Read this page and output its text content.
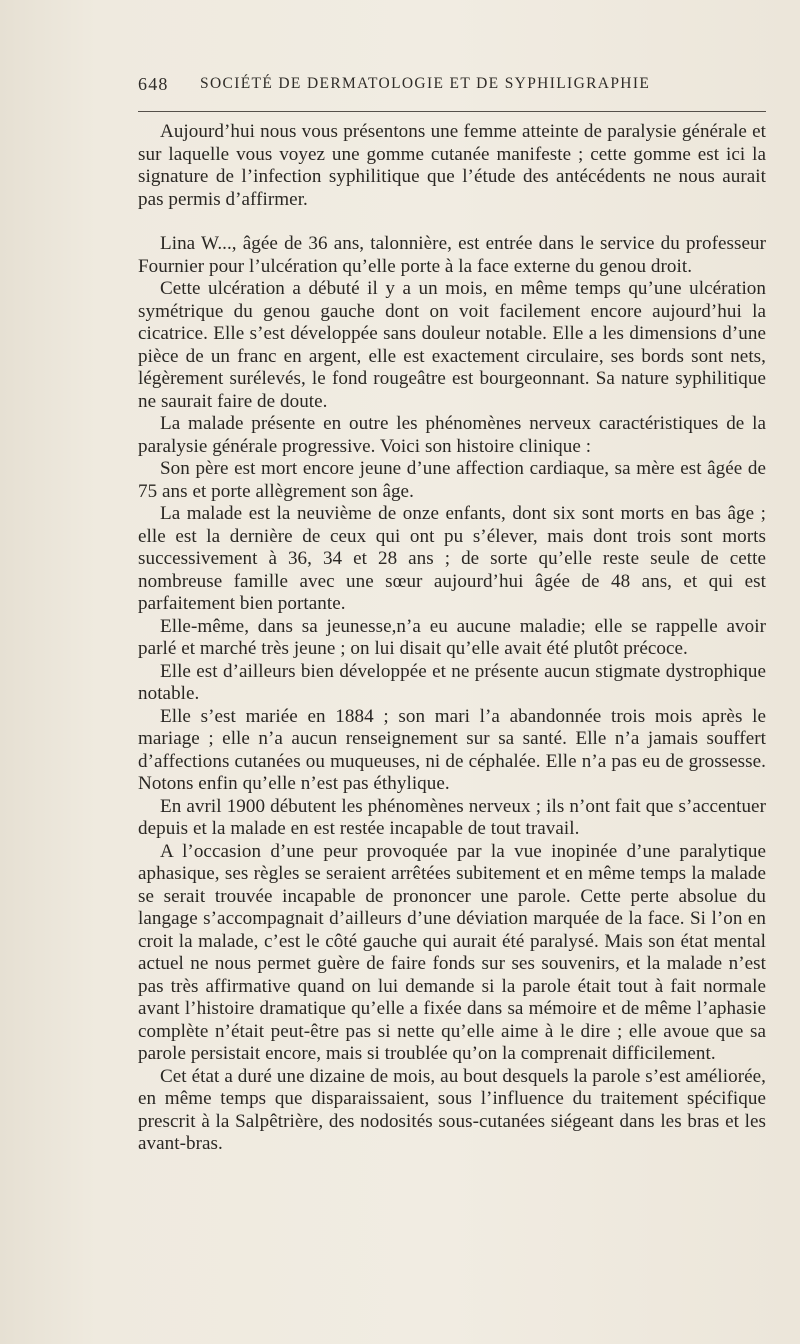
648 SOCIÉTÉ DE DERMATOLOGIE ET DE SYPHILIGRAPHIE

Aujourd’hui nous vous présentons une femme atteinte de paralysie générale et sur laquelle vous voyez une gomme cutanée manifeste ; cette gomme est ici la signature de l’infection syphilitique que l’étude des antécédents ne nous aurait pas permis d’affirmer.

Lina W..., âgée de 36 ans, talonnière, est entrée dans le service du professeur Fournier pour l’ulcération qu’elle porte à la face externe du genou droit.

Cette ulcération a débuté il y a un mois, en même temps qu’une ulcération symétrique du genou gauche dont on voit facilement encore aujourd’hui la cicatrice. Elle s’est développée sans douleur notable. Elle a les dimensions d’une pièce de un franc en argent, elle est exactement circulaire, ses bords sont nets, légèrement surélevés, le fond rougeâtre est bourgeonnant. Sa nature syphilitique ne saurait faire de doute.

La malade présente en outre les phénomènes nerveux caractéristiques de la paralysie générale progressive. Voici son histoire clinique :

Son père est mort encore jeune d’une affection cardiaque, sa mère est âgée de 75 ans et porte allègrement son âge.

La malade est la neuvième de onze enfants, dont six sont morts en bas âge ; elle est la dernière de ceux qui ont pu s’élever, mais dont trois sont morts successivement à 36, 34 et 28 ans ; de sorte qu’elle reste seule de cette nombreuse famille avec une sœur aujourd’hui âgée de 48 ans, et qui est parfaitement bien portante.

Elle-même, dans sa jeunesse,n’a eu aucune maladie; elle se rappelle avoir parlé et marché très jeune ; on lui disait qu’elle avait été plutôt précoce.

Elle est d’ailleurs bien développée et ne présente aucun stigmate dystrophique notable.

Elle s’est mariée en 1884 ; son mari l’a abandonnée trois mois après le mariage ; elle n’a aucun renseignement sur sa santé. Elle n’a jamais souffert d’affections cutanées ou muqueuses, ni de céphalée. Elle n’a pas eu de grossesse. Notons enfin qu’elle n’est pas éthylique.

En avril 1900 débutent les phénomènes nerveux ; ils n’ont fait que s’accentuer depuis et la malade en est restée incapable de tout travail.

A l’occasion d’une peur provoquée par la vue inopinée d’une paralytique aphasique, ses règles se seraient arrêtées subitement et en même temps la malade se serait trouvée incapable de prononcer une parole. Cette perte absolue du langage s’accompagnait d’ailleurs d’une déviation marquée de la face. Si l’on en croit la malade, c’est le côté gauche qui aurait été paralysé. Mais son état mental actuel ne nous permet guère de faire fonds sur ses souvenirs, et la malade n’est pas très affirmative quand on lui demande si la parole était tout à fait normale avant l’histoire dramatique qu’elle a fixée dans sa mémoire et de même l’aphasie complète n’était peut-être pas si nette qu’elle aime à le dire ; elle avoue que sa parole persistait encore, mais si troublée qu’on la comprenait difficilement.

Cet état a duré une dizaine de mois, au bout desquels la parole s’est améliorée, en même temps que disparaissaient, sous l’influence du traitement spécifique prescrit à la Salpêtrière, des nodosités sous-cutanées siégeant dans les bras et les avant-bras.
